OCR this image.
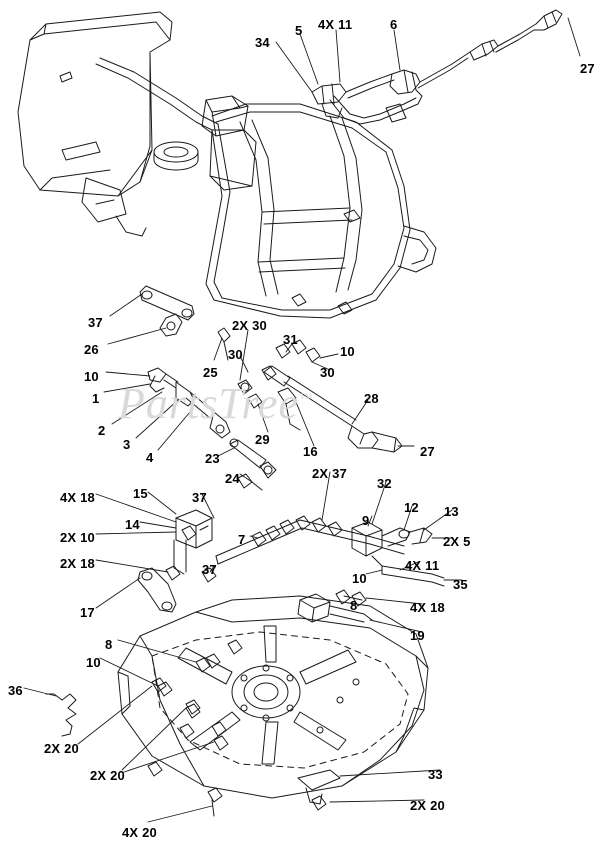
PartsTree™
34
5 4X 11	6
27
37
26
10
1
2
3
4
25
2X 30
30
31
10
30
28
29
16	27
23
24	2X 37
32
15	37
4X 18
12 13
9
2X 10
14
2X 5
7
2X 18	37	4X 11
10	35
17	8	4X 18
19
8
10
36
2X 20
2X 20	33
2X 20
4X 20
